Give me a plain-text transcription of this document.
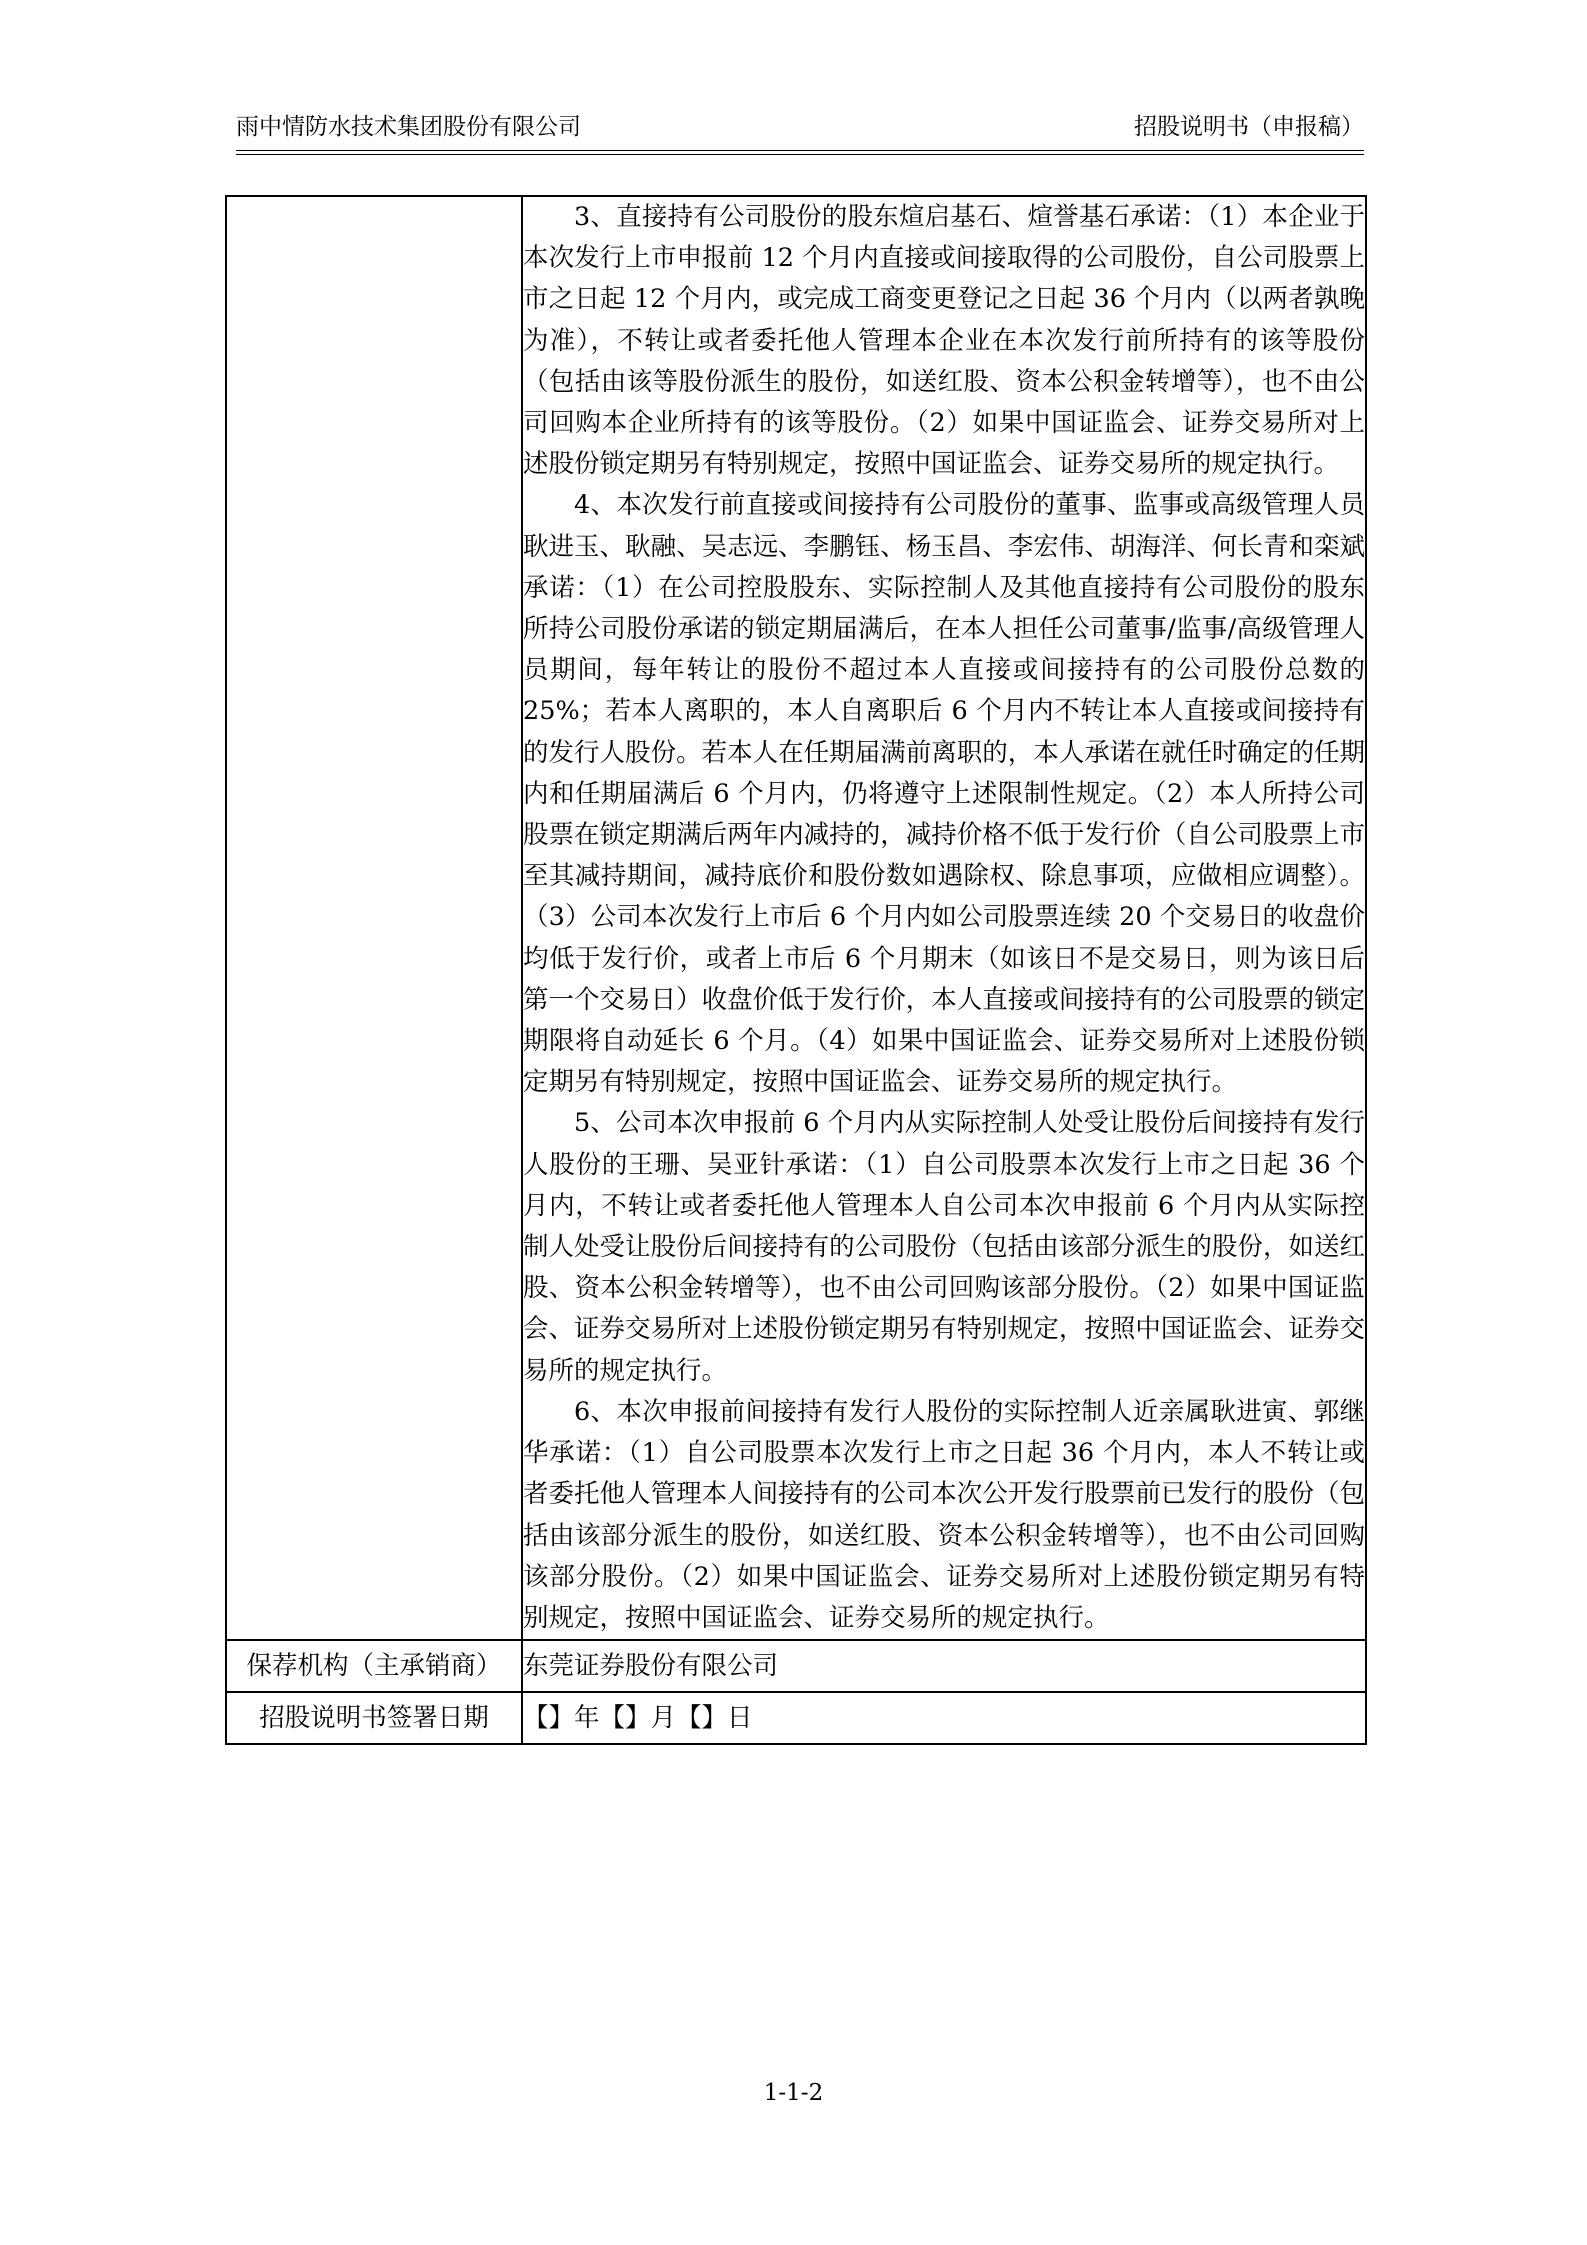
雨中情防水技术集团股份有限公司	招股说明书（申报稿）

	3、直接持有公司股份的股东煊启基石、煊誉基石承诺：（1）本企业于本次发行上市申报前 12 个月内直接或间接取得的公司股份，自公司股票上市之日起 12 个月内，或完成工商变更登记之日起 36 个月内（以两者孰晚为准），不转让或者委托他人管理本企业在本次发行前所持有的该等股份（包括由该等股份派生的股份，如送红股、资本公积金转增等），也不由公司回购本企业所持有的该等股份。（2）如果中国证监会、证券交易所对上述股份锁定期另有特别规定，按照中国证监会、证券交易所的规定执行。

4、本次发行前直接或间接持有公司股份的董事、监事或高级管理人员耿进玉、耿融、吴志远、李鹏钰、杨玉昌、李宏伟、胡海洋、何长青和栾斌承诺：（1）在公司控股股东、实际控制人及其他直接持有公司股份的股东所持公司股份承诺的锁定期届满后，在本人担任公司董事/监事/高级管理人员期间，每年转让的股份不超过本人直接或间接持有的公司股份总数的 25%；若本人离职的，本人自离职后 6 个月内不转让本人直接或间接持有的发行人股份。若本人在任期届满前离职的，本人承诺在就任时确定的任期内和任期届满后 6 个月内，仍将遵守上述限制性规定。（2）本人所持公司股票在锁定期满后两年内减持的，减持价格不低于发行价（自公司股票上市至其减持期间，减持底价和股份数如遇除权、除息事项，应做相应调整）。（3）公司本次发行上市后 6 个月内如公司股票连续 20 个交易日的收盘价均低于发行价，或者上市后 6 个月期末（如该日不是交易日，则为该日后第一个交易日）收盘价低于发行价，本人直接或间接持有的公司股票的锁定期限将自动延长 6 个月。（4）如果中国证监会、证券交易所对上述股份锁定期另有特别规定，按照中国证监会、证券交易所的规定执行。

5、公司本次申报前 6 个月内从实际控制人处受让股份后间接持有发行人股份的王珊、吴亚针承诺：（1）自公司股票本次发行上市之日起 36 个月内，不转让或者委托他人管理本人自公司本次申报前 6 个月内从实际控制人处受让股份后间接持有的公司股份（包括由该部分派生的股份，如送红股、资本公积金转增等），也不由公司回购该部分股份。（2）如果中国证监会、证券交易所对上述股份锁定期另有特别规定，按照中国证监会、证券交易所的规定执行。

6、本次申报前间接持有发行人股份的实际控制人近亲属耿进寅、郭继华承诺：（1）自公司股票本次发行上市之日起 36 个月内，本人不转让或者委托他人管理本人间接持有的公司本次公开发行股票前已发行的股份（包括由该部分派生的股份，如送红股、资本公积金转增等），也不由公司回购该部分股份。（2）如果中国证监会、证券交易所对上述股份锁定期另有特别规定，按照中国证监会、证券交易所的规定执行。

保荐机构（主承销商）	东莞证券股份有限公司
招股说明书签署日期	【】年【】月【】日
1-1-2
